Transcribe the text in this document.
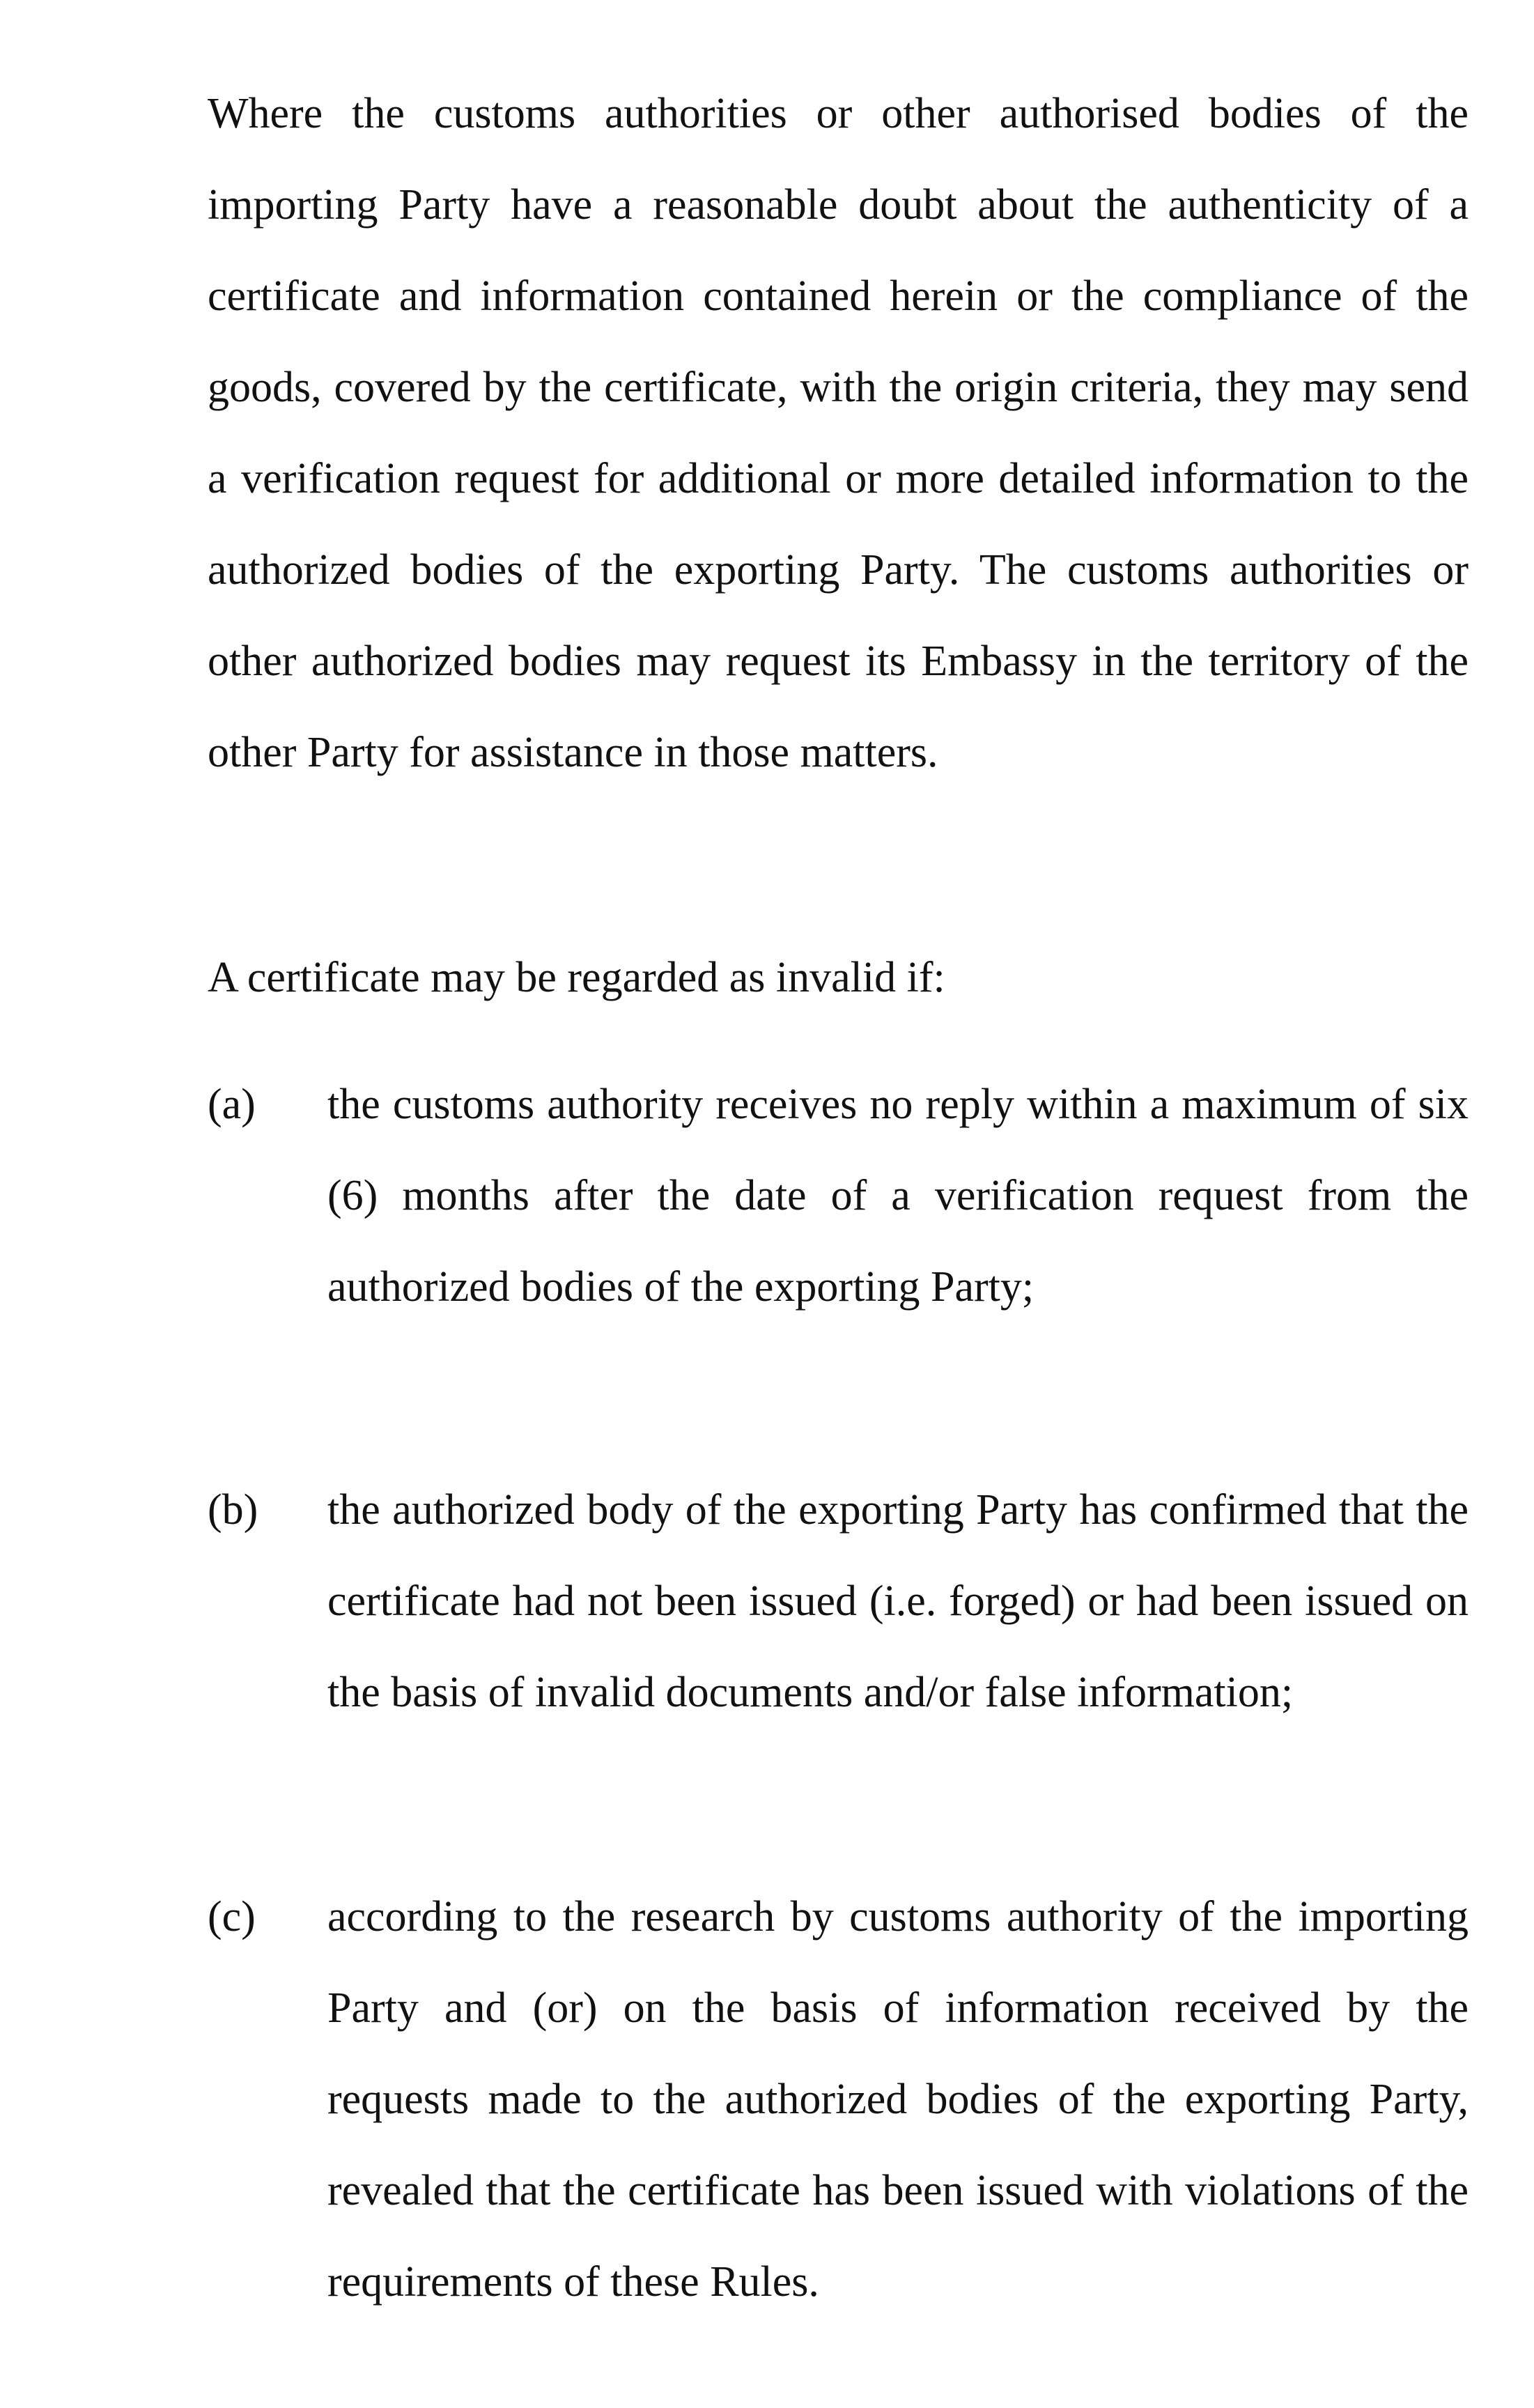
Where the customs authorities or other authorised bodies of the importing Party have a reasonable doubt about the authenticity of a certificate and information contained herein or the compliance of the goods, covered by the certificate, with the origin criteria, they may send a verification request for additional or more detailed information to the authorized bodies of the exporting Party. The customs authorities or other authorized bodies may request its Embassy in the territory of the other Party for assistance in those matters.

A certificate may be regarded as invalid if:

(a)	the customs authority receives no reply within a maximum of six (6) months after the date of a verification request from the authorized bodies of the exporting Party;

(b)	the authorized body of the exporting Party has confirmed that the certificate had not been issued (i.e. forged) or had been issued on the basis of invalid documents and/or false information;

(c)	according to the research by customs authority of the importing Party and (or) on the basis of information received by the requests made to the authorized bodies of the exporting Party, revealed that the certificate has been issued with violations of the requirements of these Rules.
